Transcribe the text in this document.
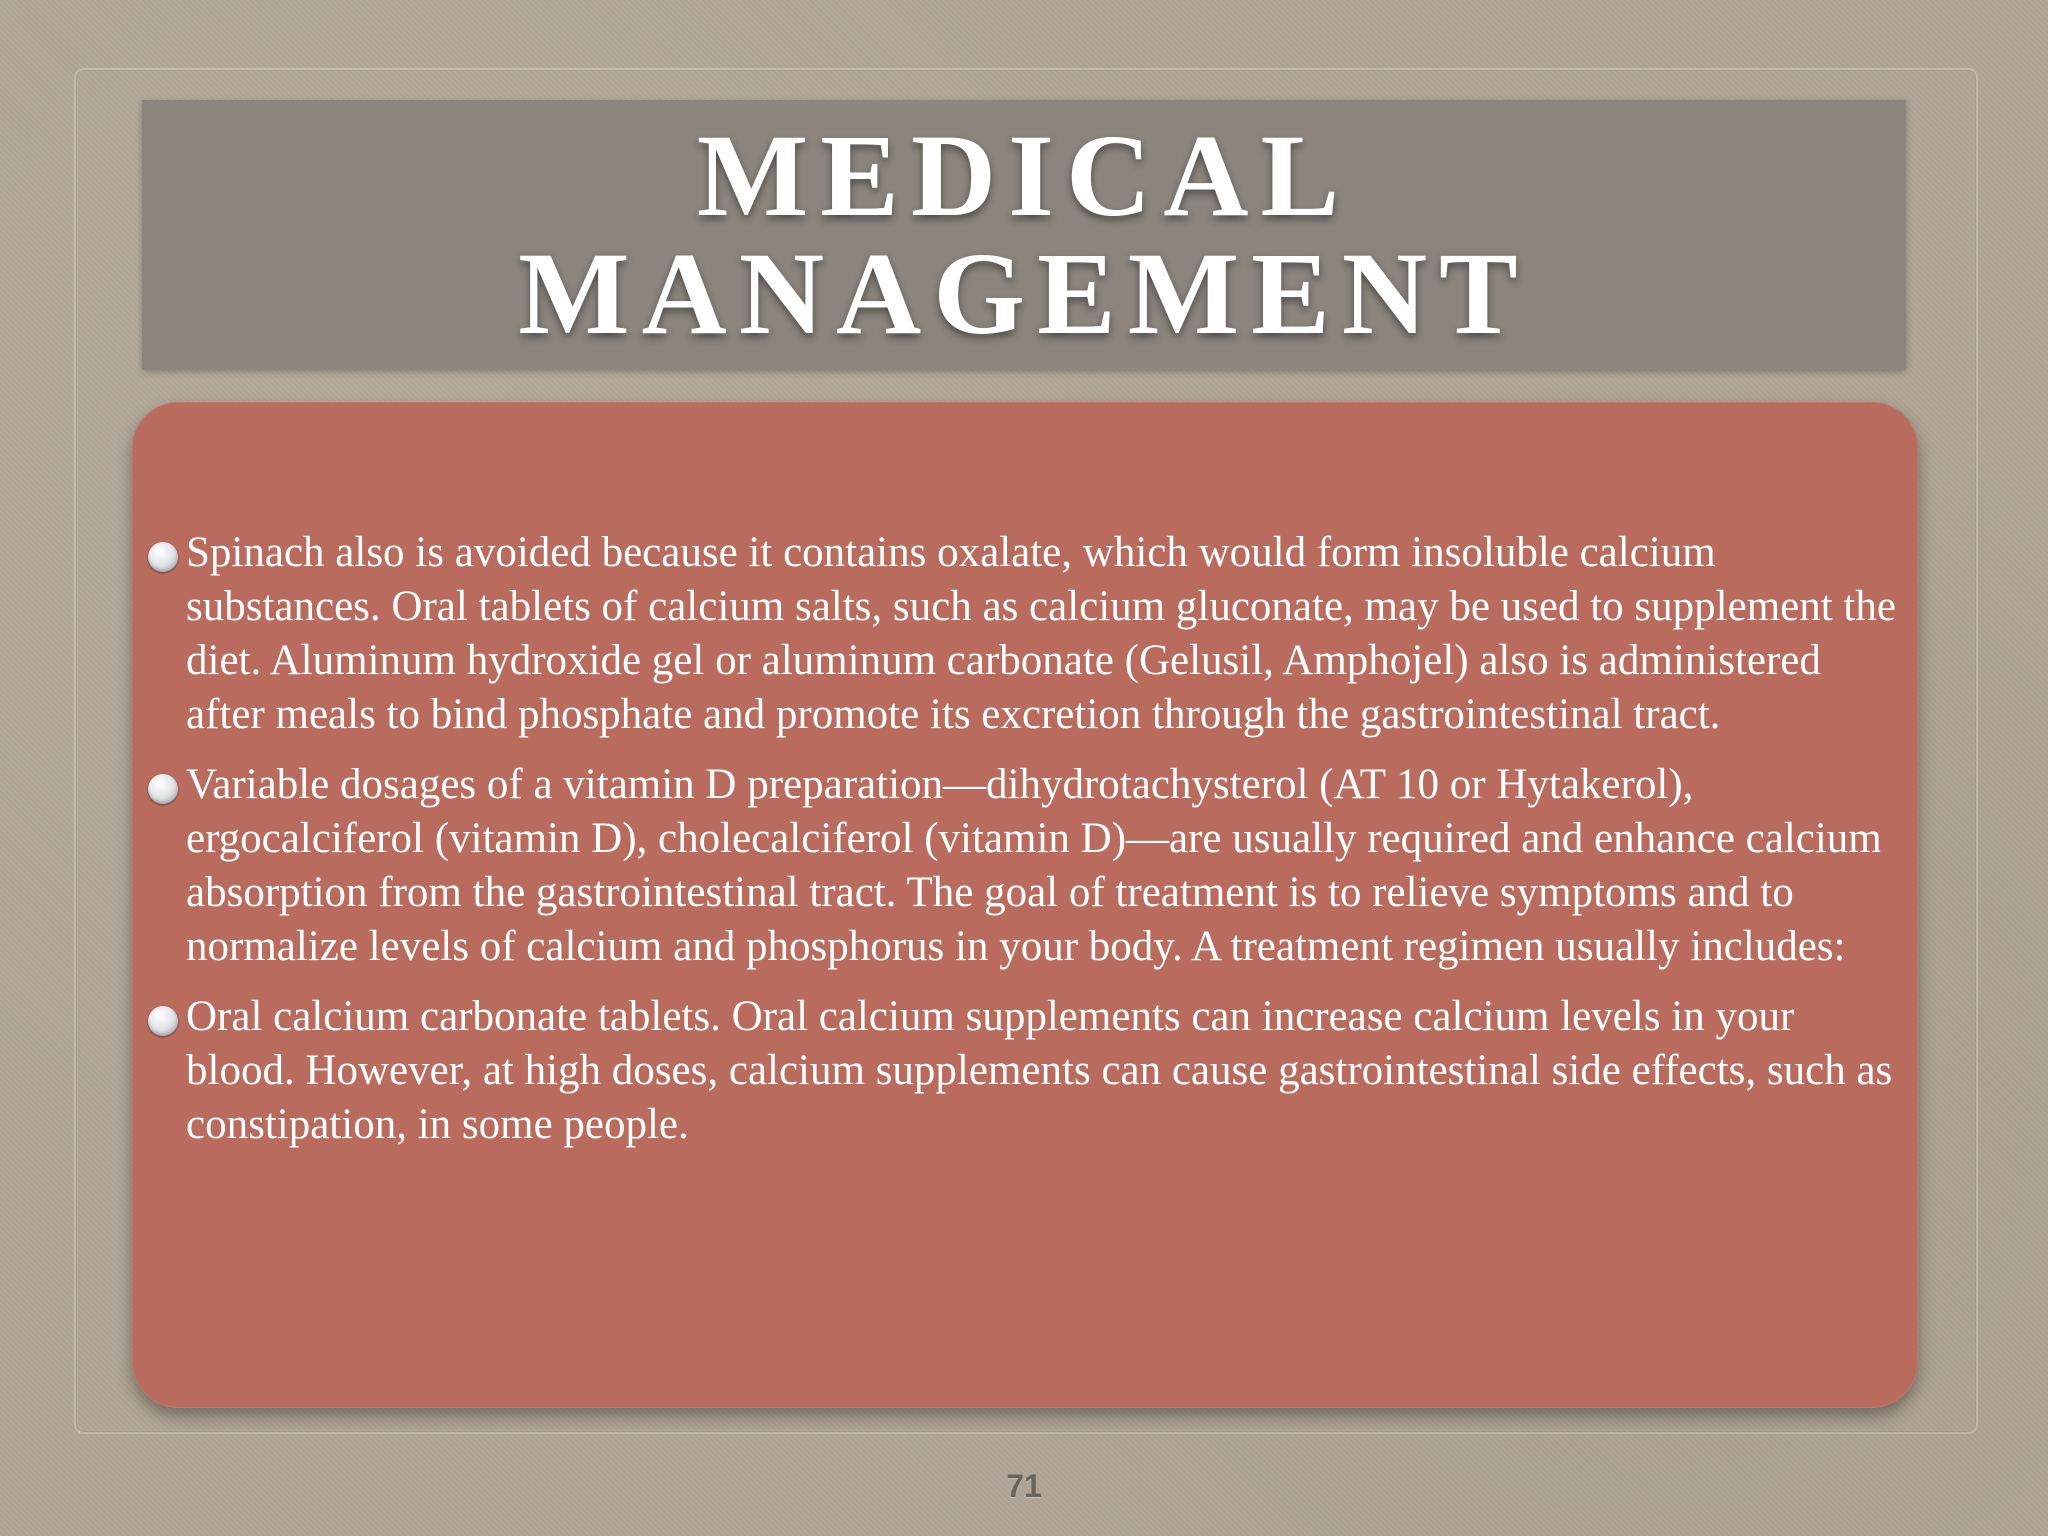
MEDICAL
MANAGEMENT
Spinach also is avoided because it contains oxalate, which would form insoluble calcium substances. Oral tablets of calcium salts, such as calcium gluconate, may be used to supplement the diet. Aluminum hydroxide gel or aluminum carbonate (Gelusil, Amphojel) also is administered after meals to bind phosphate and promote its excretion through the gastrointestinal tract.
Variable dosages of a vitamin D preparation—dihydrotachysterol (AT 10 or Hytakerol), ergocalciferol (vitamin D), cholecalciferol (vitamin D)—are usually required and enhance calcium absorption from the gastrointestinal tract. The goal of treatment is to relieve symptoms and to normalize levels of calcium and phosphorus in your body. A treatment regimen usually includes:
Oral calcium carbonate tablets. Oral calcium supplements can increase calcium levels in your blood. However, at high doses, calcium supplements can cause gastrointestinal side effects, such as constipation, in some people.
71
